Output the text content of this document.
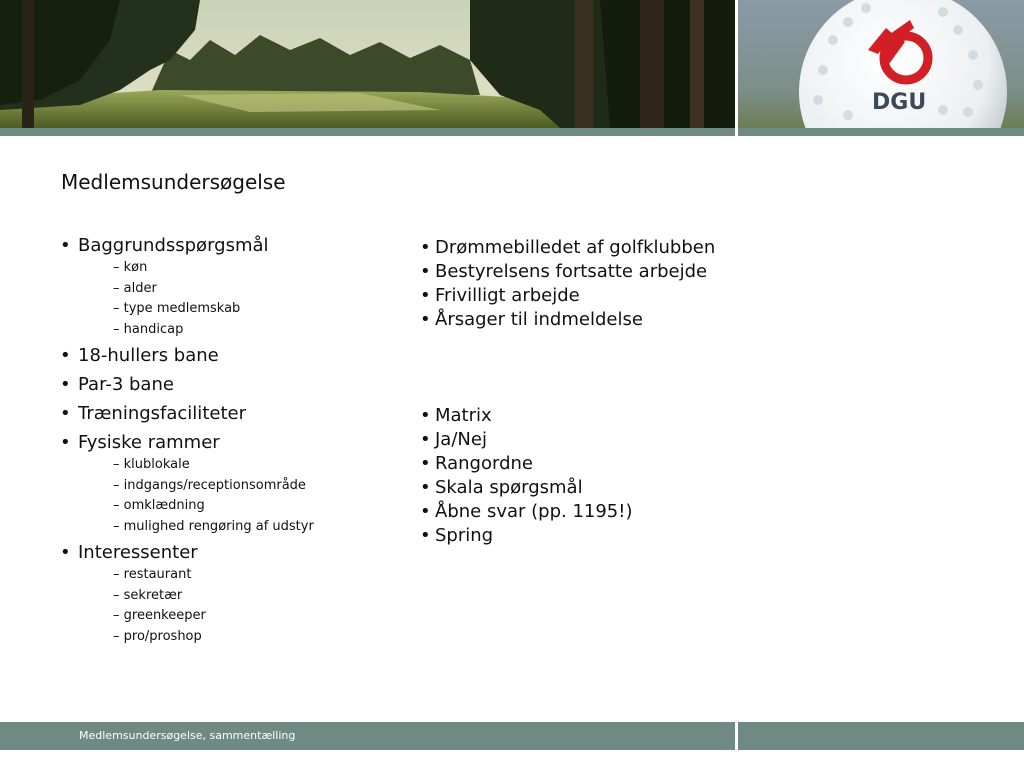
DGU
Medlemsundersøgelse

• Baggrundsspørgsmål

– køn
– alder
– type medlemskab
– handicap

• 18-hullers bane

• Par-3 bane

• Træningsfaciliteter

• Fysiske rammer

– klublokale
– indgangs/receptionsområde
– omklædning
– mulighed rengøring af udstyr

• Interessenter

– restaurant
– sekretær
– greenkeeper
– pro/proshop
• Drømmebilledet af golfklubben
• Bestyrelsens fortsatte arbejde
• Frivilligt arbejde
• Årsager til indmeldelse
• Matrix
• Ja/Nej
• Rangordne
• Skala spørgsmål
• Åbne svar (pp. 1195!)
• Spring
Medlemsundersøgelse, sammentælling
